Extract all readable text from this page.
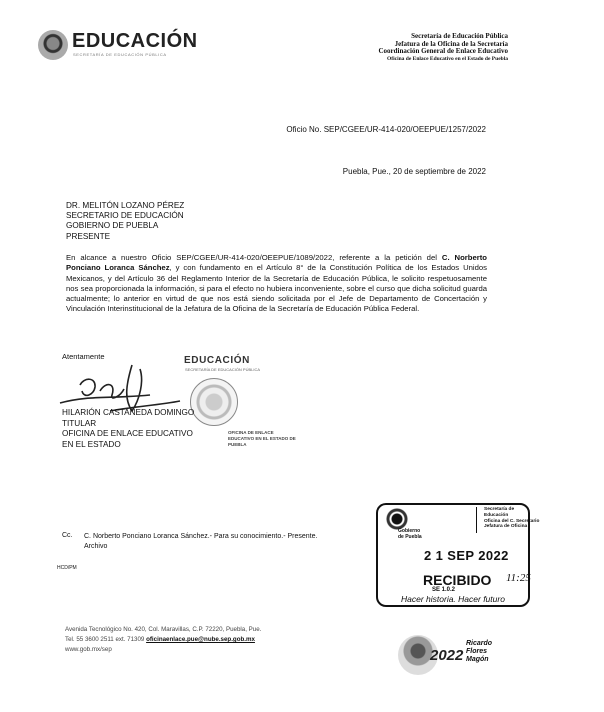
EDUCACIÓN
SECRETARÍA DE EDUCACIÓN PÚBLICA
Secretaría de Educación Pública
Jefatura de la Oficina de la Secretaría
Coordinación General de Enlace Educativo
Oficina de Enlace Educativo en el Estado de Puebla
Oficio No. SEP/CGEE/UR-414-020/OEEPUE/1257/2022
Puebla, Pue., 20 de septiembre de 2022
DR. MELITÓN LOZANO PÉREZ
SECRETARIO DE EDUCACIÓN
GOBIERNO DE PUEBLA
PRESENTE
En alcance a nuestro Oficio SEP/CGEE/UR-414-020/OEEPUE/1089/2022, referente a la petición del C. Norberto Ponciano Loranca Sánchez, y con fundamento en el Artículo 8° de la Constitución Política de los Estados Unidos Mexicanos, y del Artículo 36 del Reglamento Interior de la Secretaría de Educación Pública, le solicito respetuosamente nos sea proporcionada la información, si para el efecto no hubiera inconveniente, sobre el curso que dicha solicitud guarda actualmente; lo anterior en virtud de que nos está siendo solicitada por el Jefe de Departamento de Concertación y Vinculación Interinstitucional de la Jefatura de la Oficina de la Secretaría de Educación Pública Federal.
Atentamente	EDUCACIÓN
SECRETARÍA DE EDUCACIÓN PÚBLICA
OFICINA DE ENLACE
EDUCATIVO EN EL ESTADO DE
PUEBLA
HILARIÓN CASTAÑEDA DOMINGO
TITULAR
OFICINA DE ENLACE EDUCATIVO
EN EL ESTADO
Cc. C. Norberto Ponciano Loranca Sánchez.- Para su conocimiento.- Presente.
Archivo
HCD/PM
Gobierno
de Puebla
Secretaría de
Educación
Oficina del C. Secretario
Jefatura de Oficina
2 1 SEP 2022
RECIBIDO 11:25
SE 1.0.2
Hacer historia. Hacer futuro
Avenida Tecnológico No. 420, Col. Maravillas, C.P. 72220, Puebla, Pue.
Tel. 55 3600 2511 ext. 71309 oficinaenlace.pue@nube.sep.gob.mx
www.gob.mx/sep	2022
Ricardo
Flores
Magón
